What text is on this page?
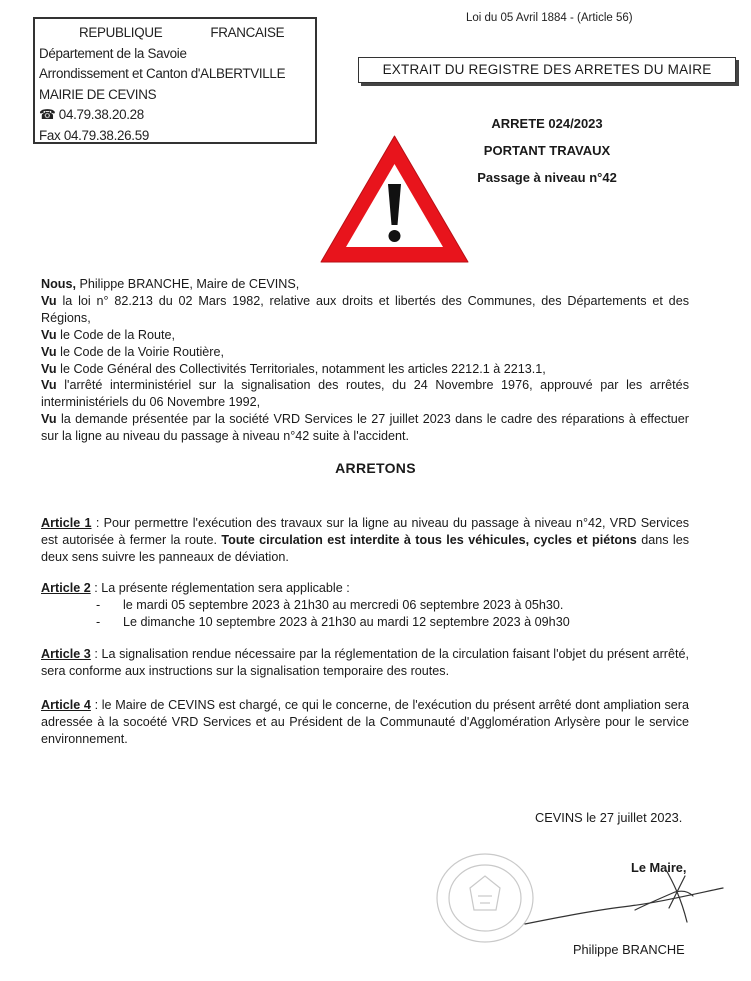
REPUBLIQUE	FRANCAISE
Département de la Savoie
Arrondissement et Canton d'ALBERTVILLE
MAIRIE DE CEVINS
☎ 04.79.38.20.28
Fax 04.79.38.26.59
Loi du 05 Avril 1884 - (Article 56)
EXTRAIT DU REGISTRE DES ARRETES DU MAIRE
ARRETE 024/2023
PORTANT TRAVAUX
Passage à niveau n°42

Nous, Philippe BRANCHE, Maire de CEVINS,

Vu la loi n° 82.213 du 02 Mars 1982, relative aux droits et libertés des Communes, des Départements et des Régions,

Vu le Code de la Route,

Vu le Code de la Voirie Routière,

Vu le Code Général des Collectivités Territoriales, notamment les articles 2212.1 à 2213.1,

Vu l'arrêté interministériel sur la signalisation des routes, du 24 Novembre 1976, approuvé par les arrêtés interministériels du 06 Novembre 1992,

Vu la demande présentée par la société VRD Services le 27 juillet 2023 dans le cadre des réparations à effectuer sur la ligne au niveau du passage à niveau n°42 suite à l'accident.

ARRETONS

Article 1 : Pour permettre l'exécution des travaux sur la ligne au niveau du passage à niveau n°42, VRD Services est autorisée à fermer la route. Toute circulation est interdite à tous les véhicules, cycles et piétons dans les deux sens suivre les panneaux de déviation.

Article 2 : La présente réglementation sera applicable :

- le mardi 05 septembre 2023 à 21h30 au mercredi 06 septembre 2023 à 05h30.
- Le dimanche 10 septembre 2023 à 21h30 au mardi 12 septembre 2023 à 09h30

Article 3 : La signalisation rendue nécessaire par la réglementation de la circulation faisant l'objet du présent arrêté, sera conforme aux instructions sur la signalisation temporaire des routes.

Article 4 : le Maire de CEVINS est chargé, ce qui le concerne, de l'exécution du présent arrêté dont ampliation sera adressée à la socoété VRD Services et au Président de la Communauté d'Agglomération Arlysère pour le service environnement.

CEVINS le 27 juillet 2023.
Le Maire,
Philippe BRANCHE
